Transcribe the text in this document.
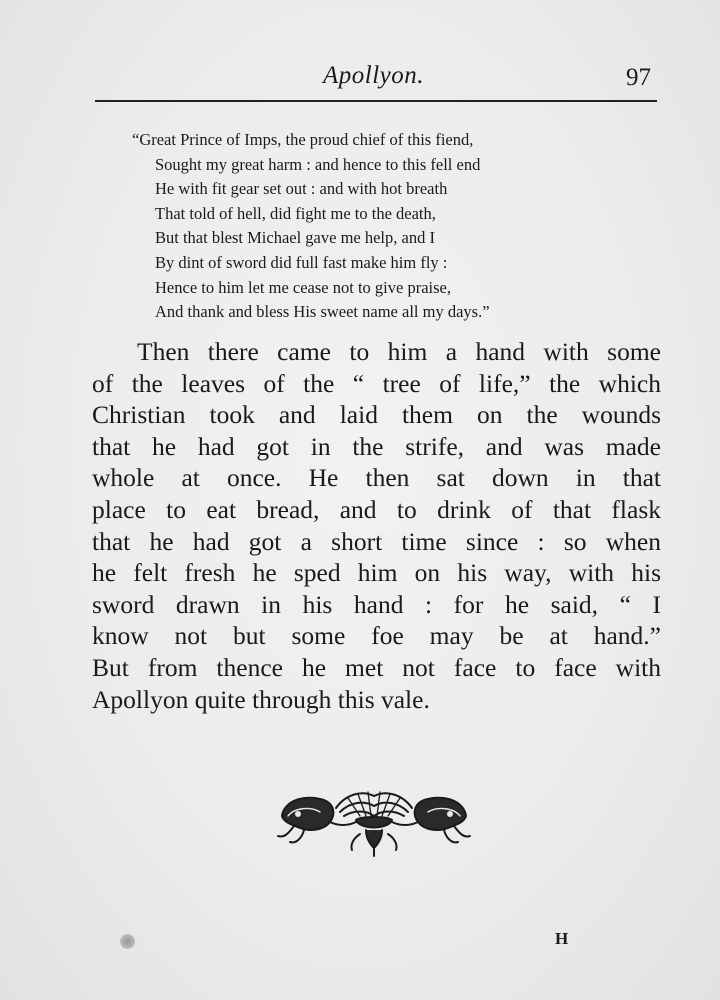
Apollyon.	97
“Great Prince of Imps, the proud chief of this fiend,
Sought my great harm : and hence to this fell end
He with fit gear set out : and with hot breath
That told of hell, did fight me to the death,
But that blest Michael gave me help, and I
By dint of sword did full fast make him fly :
Hence to him let me cease not to give praise,
And thank and bless His sweet name all my days.”
Then there came to him a hand with some
of the leaves of the “ tree of life,” the which
Christian took and laid them on the wounds
that he had got in the strife, and was made
whole at once. He then sat down in that
place to eat bread, and to drink of that flask
that he had got a short time since : so when
he felt fresh he sped him on his way, with his
sword drawn in his hand : for he said, “ I
know not but some foe may be at hand.”
But from thence he met not face to face with
Apollyon quite through this vale.
H
